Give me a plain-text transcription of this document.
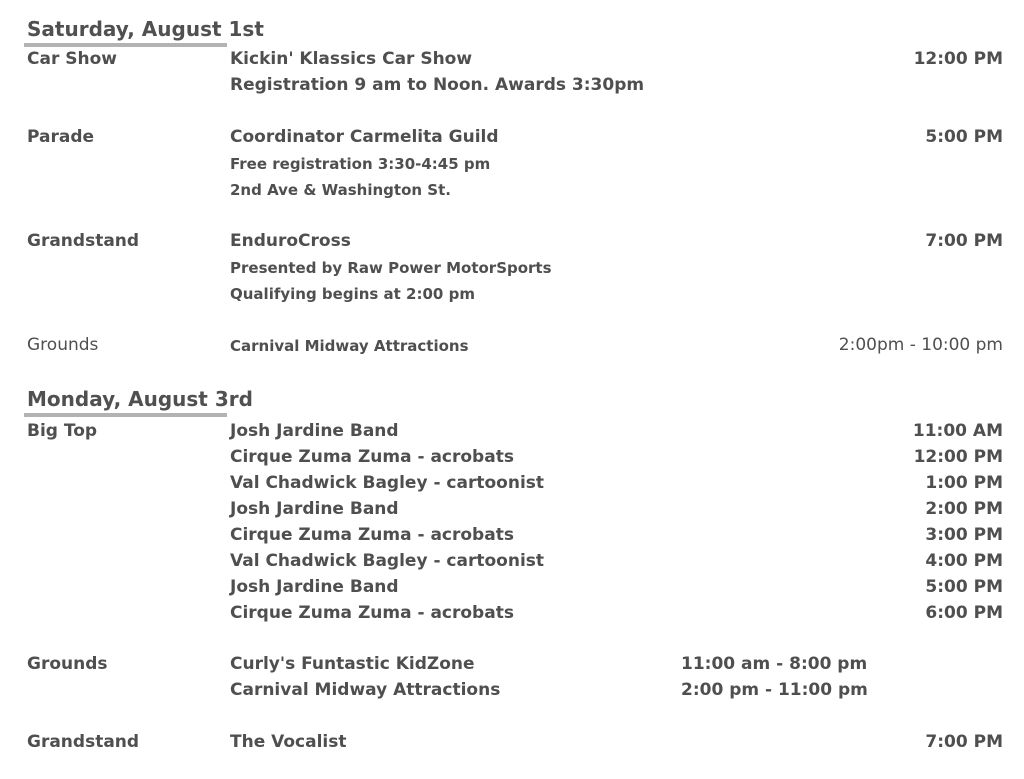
Saturday, August 1st
Car Show	Kickin' Klassics Car Show	12:00 PM
Registration 9 am to Noon. Awards 3:30pm
Parade	Coordinator Carmelita Guild	5:00 PM
Free registration 3:30-4:45 pm
2nd Ave & Washington St.
Grandstand	EnduroCross	7:00 PM
Presented by Raw Power MotorSports
Qualifying begins at 2:00 pm
Grounds	Carnival Midway Attractions	2:00pm - 10:00 pm
Monday, August 3rd
Big Top	Josh Jardine Band	11:00 AM
Cirque Zuma Zuma - acrobats	12:00 PM
Val Chadwick Bagley - cartoonist	1:00 PM
Josh Jardine Band	2:00 PM
Cirque Zuma Zuma - acrobats	3:00 PM
Val Chadwick Bagley - cartoonist	4:00 PM
Josh Jardine Band	5:00 PM
Cirque Zuma Zuma - acrobats	6:00 PM
Grounds	Curly's Funtastic KidZone	11:00 am - 8:00 pm
Carnival Midway Attractions	2:00 pm - 11:00 pm
Grandstand	The Vocalist	7:00 PM
